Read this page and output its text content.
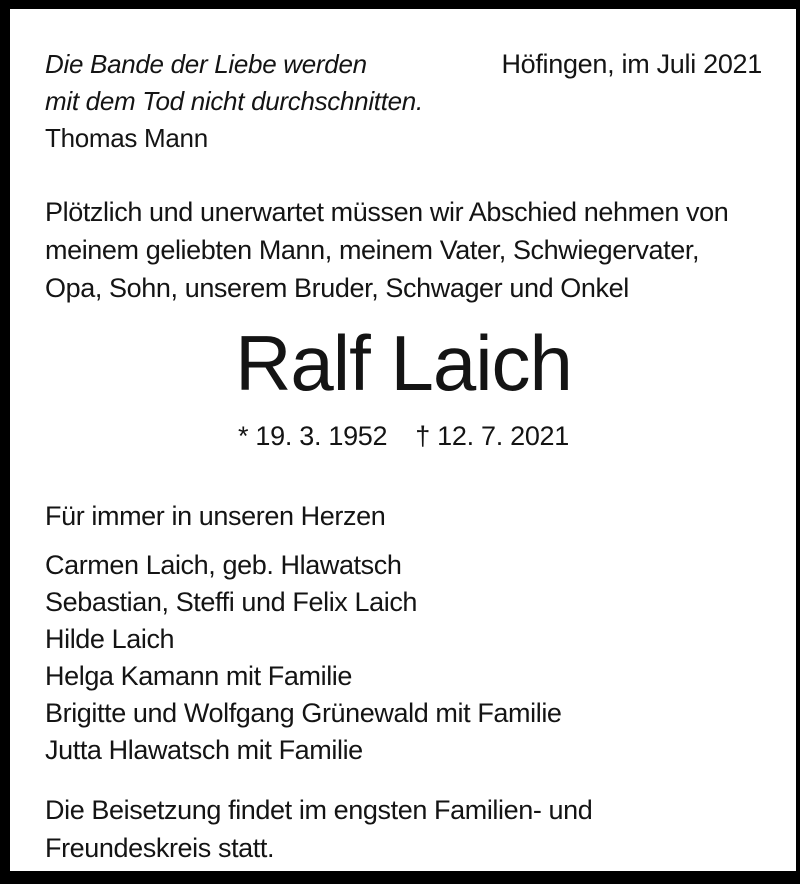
Die Bande der Liebe werden
mit dem Tod nicht durchschnitten.
Thomas Mann
Höfingen, im Juli 2021
Plötzlich und unerwartet müssen wir Abschied nehmen von
meinem geliebten Mann, meinem Vater, Schwiegervater,
Opa, Sohn, unserem Bruder, Schwager und Onkel
Ralf Laich
* 19. 3. 1952 † 12. 7. 2021

Für immer in unseren Herzen

Carmen Laich, geb. Hlawatsch
Sebastian, Steffi und Felix Laich
Hilde Laich
Helga Kamann mit Familie
Brigitte und Wolfgang Grünewald mit Familie
Jutta Hlawatsch mit Familie
Die Beisetzung findet im engsten Familien- und
Freundeskreis statt.
